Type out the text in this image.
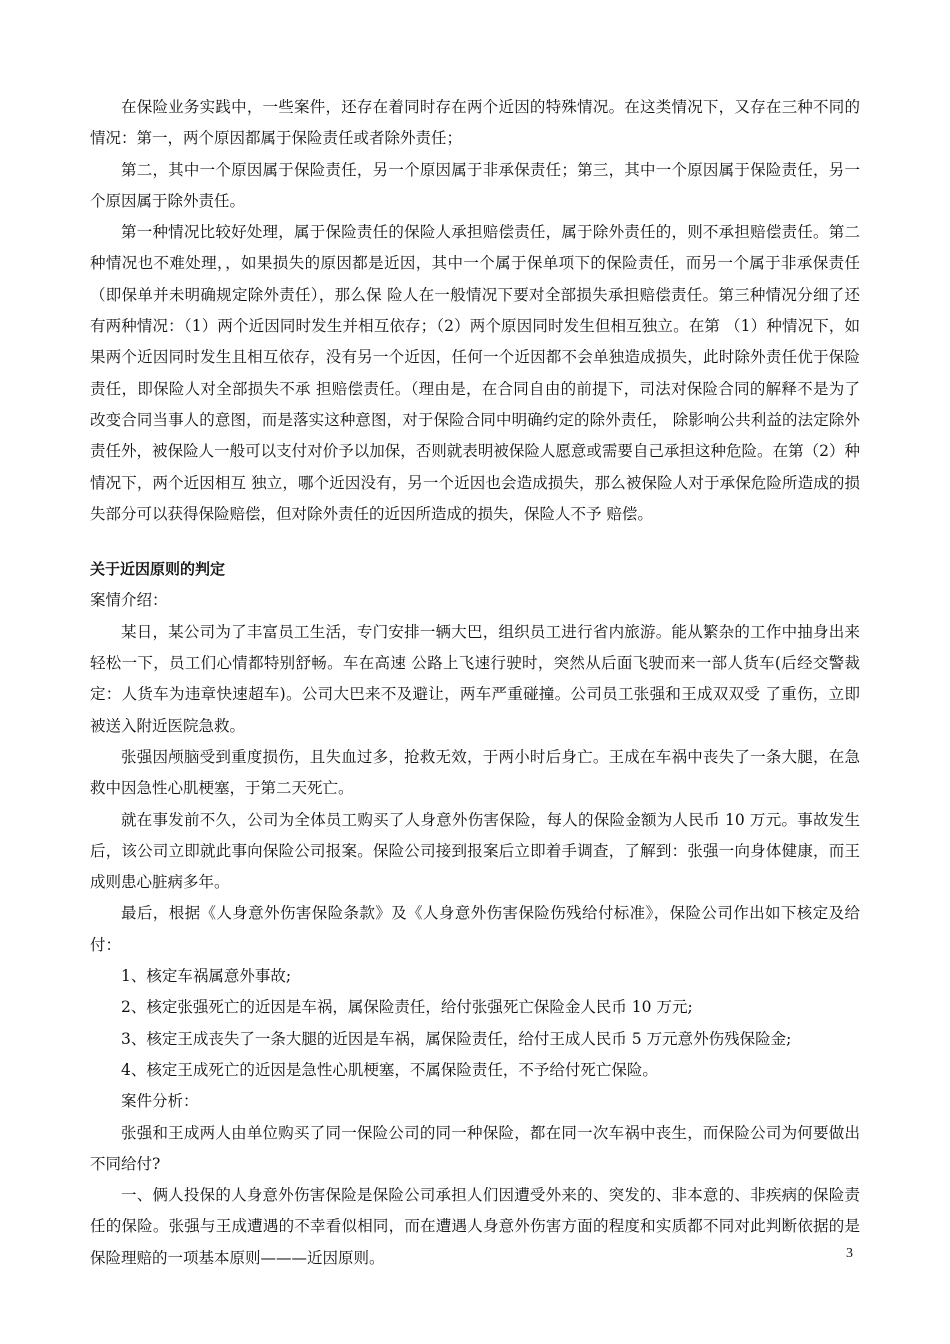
在保险业务实践中，一些案件，还存在着同时存在两个近因的特殊情况。在这类情况下，又存在三种不同的情况：第一，两个原因都属于保险责任或者除外责任；

第二，其中一个原因属于保险责任，另一个原因属于非承保责任；第三，其中一个原因属于保险责任，另一个原因属于除外责任。

第一种情况比较好处理，属于保险责任的保险人承担赔偿责任，属于除外责任的，则不承担赔偿责任。第二种情况也不难处理，，如果损失的原因都是近因，其中一个属于保单项下的保险责任，而另一个属于非承保责任（即保单并未明确规定除外责任），那么保 险人在一般情况下要对全部损失承担赔偿责任。第三种情况分细了还有两种情况：（1）两个近因同时发生并相互依存；（2）两个原因同时发生但相互独立。在第 （1）种情况下，如果两个近因同时发生且相互依存，没有另一个近因，任何一个近因都不会单独造成损失，此时除外责任优于保险责任，即保险人对全部损失不承 担赔偿责任。（理由是，在合同自由的前提下，司法对保险合同的解释不是为了改变合同当事人的意图，而是落实这种意图，对于保险合同中明确约定的除外责任， 除影响公共利益的法定除外责任外，被保险人一般可以支付对价予以加保，否则就表明被保险人愿意或需要自己承担这种危险。在第（2）种情况下，两个近因相互 独立，哪个近因没有，另一个近因也会造成损失，那么被保险人对于承保危险所造成的损失部分可以获得保险赔偿，但对除外责任的近因所造成的损失，保险人不予 赔偿。

关于近因原则的判定

案情介绍：

某日，某公司为了丰富员工生活，专门安排一辆大巴，组织员工进行省内旅游。能从繁杂的工作中抽身出来轻松一下，员工们心情都特别舒畅。车在高速 公路上飞速行驶时，突然从后面飞驶而来一部人货车(后经交警裁定：人货车为违章快速超车)。公司大巴来不及避让，两车严重碰撞。公司员工张强和王成双双受 了重伤，立即被送入附近医院急救。

张强因颅脑受到重度损伤，且失血过多，抢救无效，于两小时后身亡。王成在车祸中丧失了一条大腿，在急救中因急性心肌梗塞，于第二天死亡。

就在事发前不久，公司为全体员工购买了人身意外伤害保险，每人的保险金额为人民币 10 万元。事故发生后，该公司立即就此事向保险公司报案。保险公司接到报案后立即着手调查，了解到：张强一向身体健康，而王成则患心脏病多年。

最后，根据《人身意外伤害保险条款》及《人身意外伤害保险伤残给付标准》，保险公司作出如下核定及给付：

1、核定车祸属意外事故;

2、核定张强死亡的近因是车祸，属保险责任，给付张强死亡保险金人民币 10 万元;

3、核定王成丧失了一条大腿的近因是车祸，属保险责任，给付王成人民币 5 万元意外伤残保险金;

4、核定王成死亡的近因是急性心肌梗塞，不属保险责任，不予给付死亡保险。

案件分析：

张强和王成两人由单位购买了同一保险公司的同一种保险，都在同一次车祸中丧生，而保险公司为何要做出不同给付?

一、俩人投保的人身意外伤害保险是保险公司承担人们因遭受外来的、突发的、非本意的、非疾病的保险责任的保险。张强与王成遭遇的不幸看似相同，而在遭遇人身意外伤害方面的程度和实质都不同对此判断依据的是保险理赔的一项基本原则———近因原则。	3
